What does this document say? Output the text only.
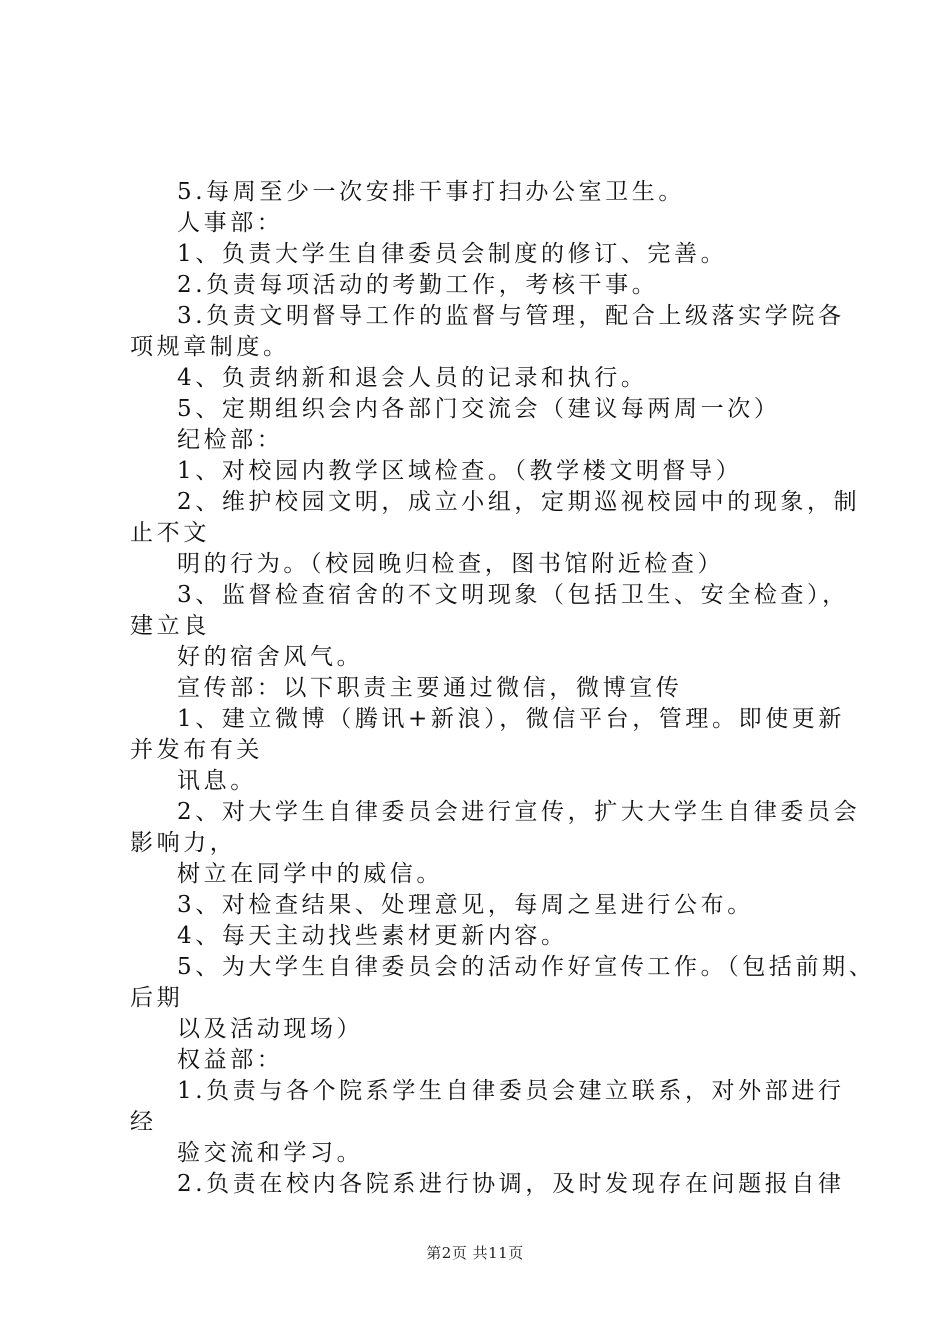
5.每周至少一次安排干事打扫办公室卫生。
人事部：
1、负责大学生自律委员会制度的修订、完善。
2.负责每项活动的考勤工作，考核干事。
3.负责文明督导工作的监督与管理，配合上级落实学院各
项规章制度。
4、负责纳新和退会人员的记录和执行。
5、定期组织会内各部门交流会（建议每两周一次）
纪检部：
1、对校园内教学区域检查。（教学楼文明督导）
2、维护校园文明，成立小组，定期巡视校园中的现象，制
止不文
明的行为。（校园晚归检查，图书馆附近检查）
3、监督检查宿舍的不文明现象（包括卫生、安全检查），
建立良
好的宿舍风气。
宣传部：以下职责主要通过微信，微博宣传
1、建立微博（腾讯+新浪），微信平台，管理。即使更新
并发布有关
讯息。
2、对大学生自律委员会进行宣传，扩大大学生自律委员会
影响力，
树立在同学中的威信。
3、对检查结果、处理意见，每周之星进行公布。
4、每天主动找些素材更新内容。
5、为大学生自律委员会的活动作好宣传工作。（包括前期、
后期
以及活动现场）
权益部：
1.负责与各个院系学生自律委员会建立联系，对外部进行
经
验交流和学习。
2.负责在校内各院系进行协调，及时发现存在问题报自律
第2页 共11页
